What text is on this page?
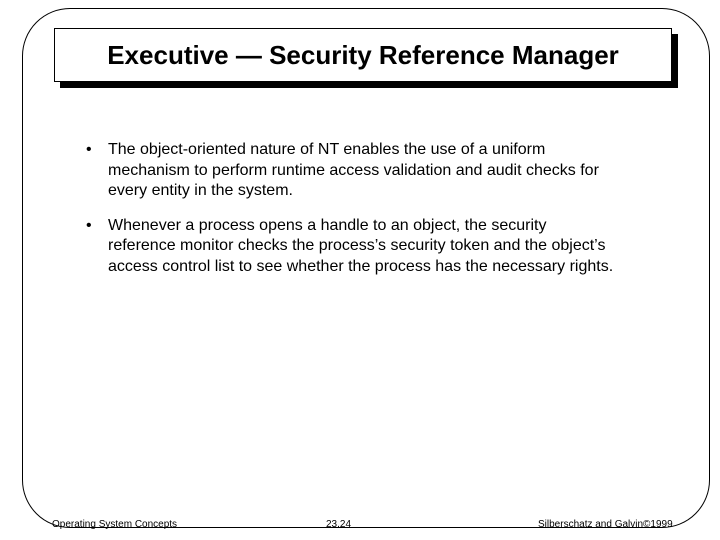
Executive — Security Reference Manager
• The object-oriented nature of NT enables the use of a uniform mechanism to perform runtime access validation and audit checks for every entity in the system.
• Whenever a process opens a handle to an object, the security reference monitor checks the process’s security token and the object’s access control list to see whether the process has the necessary rights.
Operating System Concepts	23.24	Silberschatz and Galvin©1999
